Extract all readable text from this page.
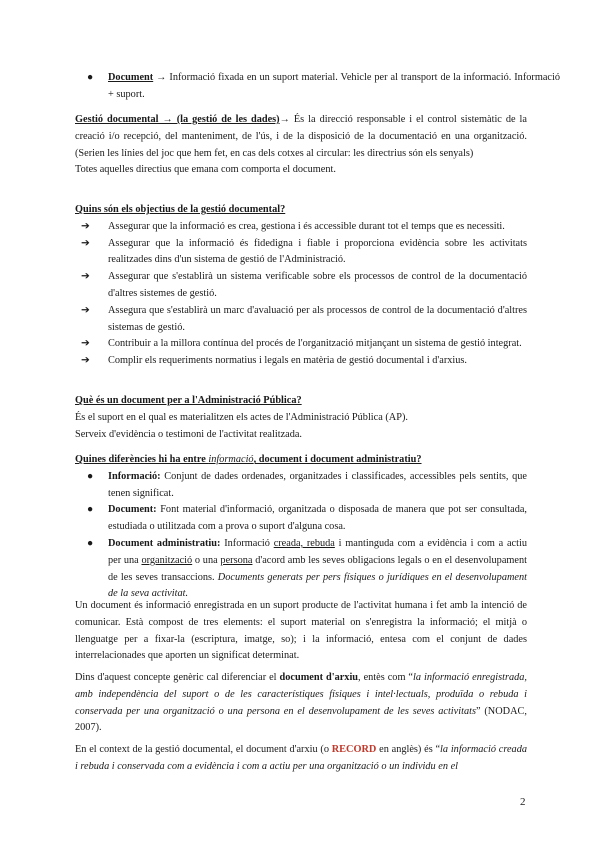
● Document → Informació fixada en un suport material. Vehicle per al transport de la informació. Informació + suport.

Gestió documental → (la gestió de les dades)→ És la direcció responsable i el control sistemàtic de la creació i/o recepció, del manteniment, de l'ús, i de la disposició de la documentació en una organització. (Serien les línies del joc que hem fet, en cas dels cotxes al circular: les directrius són els senyals)

Totes aquelles directius que emana com comporta el document.

Quins són els objectius de la gestió documental?

➔ Assegurar que la informació es crea, gestiona i és accessible durant tot el temps que es necessiti.
➔ Assegurar que la informació és fidedigna i fiable i proporciona evidència sobre les activitats realitzades dins d'un sistema de gestió de l'Administració.
➔ Assegurar que s'establirà un sistema verificable sobre els processos de control de la documentació d'altres sistemes de gestió.
➔ Assegura que s'establirà un marc d'avaluació per als processos de control de la documentació d'altres sistemas de gestió.
➔ Contribuir a la millora contínua del procés de l'organització mitjançant un sistema de gestió integrat.
➔ Complir els requeriments normatius i legals en matèria de gestió documental i d'arxius.

Què és un document per a l'Administració Pública?

És el suport en el qual es materialitzen els actes de l'Administració Pública (AP).

Serveix d'evidència o testimoni de l'activitat realitzada.

Quines diferències hi ha entre informació, document i document administratiu?

● Informació: Conjunt de dades ordenades, organitzades i classificades, accessibles pels sentits, que tenen significat.
● Document: Font material d'informació, organitzada o disposada de manera que pot ser consultada, estudiada o utilitzada com a prova o suport d'alguna cosa.
● Document administratiu: Informació creada, rebuda i mantinguda com a evidència i com a actiu per una organització o una persona d'acord amb les seves obligacions legals o en el desenvolupament de les seves transaccions. Documents generats per pers físiques o jurídiques en el desenvolupament de la seva activitat.

Un document és informació enregistrada en un suport producte de l'activitat humana i fet amb la intenció de comunicar. Està compost de tres elements: el suport material on s'enregistra la informació; el mitjà o llenguatge per a fixar-la (escriptura, imatge, so); i la informació, entesa com el conjunt de dades interrelacionades que aporten un significat determinat.

Dins d'aquest concepte genèric cal diferenciar el document d'arxiu, entès com “la informació enregistrada, amb independència del suport o de les característiques físiques i intel·lectuals, produïda o rebuda i conservada per una organització o una persona en el desenvolupament de les seves activitats” (NODAC, 2007).

En el context de la gestió documental, el document d'arxiu (o RECORD en anglès) és “la informació creada i rebuda i conservada com a evidència i com a actiu per una organització o un individu en el

2
